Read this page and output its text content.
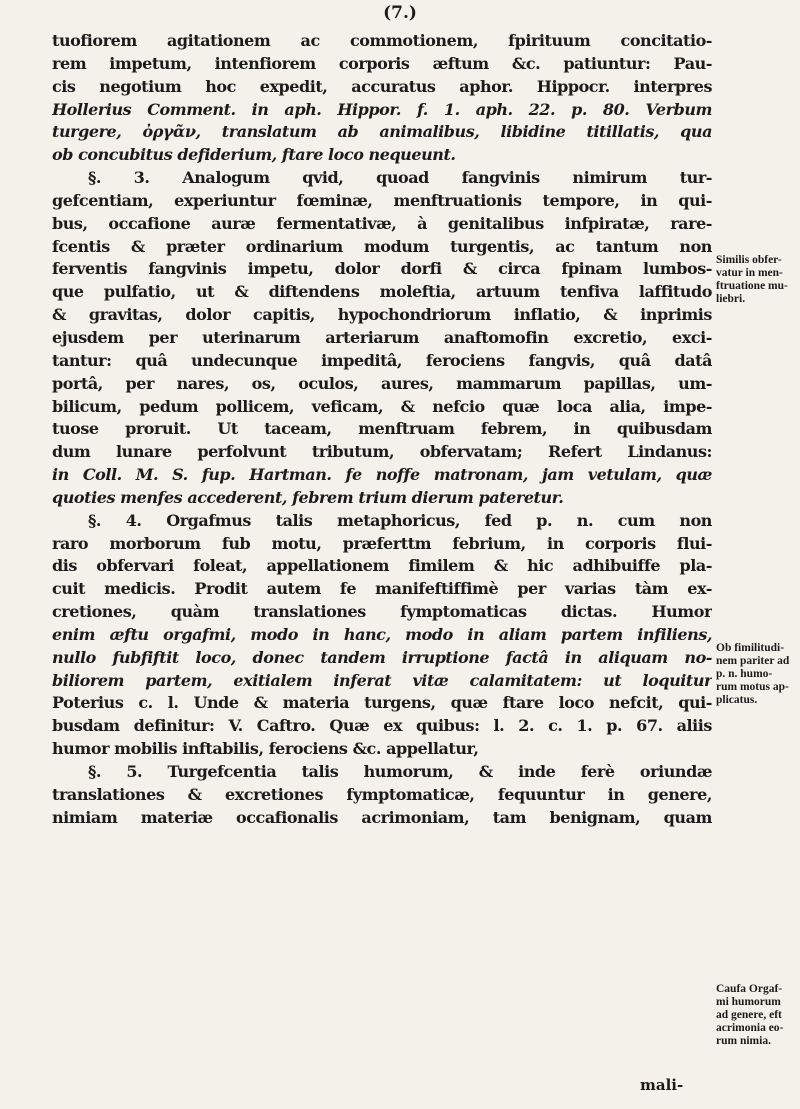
(7.)
tuofiorem agitationem ac commotionem, fpirituum concitatio-
rem impetum, intenfiorem corporis æftum &c. patiuntur: Pau-
cis negotium hoc expedit, accuratus aphor. Hippocr. interpres
Hollerius Comment. in aph. Hippor. f. 1. aph. 22. p. 80. Verbum
turgere, ὀργᾶν, translatum ab animalibus, libidine titillatis, qua
ob concubitus defiderium, ftare loco nequeunt.
§. 3. Analogum qvid, quoad fangvinis nimirum tur-
gefcentiam, experiuntur fœminæ, menftruationis tempore, in qui-
bus, occafione auræ fermentativæ, à genitalibus infpiratæ, rare-
fcentis & præter ordinarium modum turgentis, ac tantum non
ferventis fangvinis impetu, dolor dorfi & circa fpinam lumbos-
que pulfatio, ut & diftendens moleftia, artuum tenfiva laffitudo
& gravitas, dolor capitis, hypochondriorum inflatio, & inprimis
ejusdem per uterinarum arteriarum anaftomofin excretio, exci-
tantur: quâ undecunque impeditâ, ferociens fangvis, quâ datâ
portâ, per nares, os, oculos, aures, mammarum papillas, um-
bilicum, pedum pollicem, veficam, & nefcio quæ loca alia, impe-
tuose proruit. Ut taceam, menftruam febrem, in quibusdam
dum lunare perfolvunt tributum, obfervatam; Refert Lindanus:
in Coll. M. S. fup. Hartman. fe noffe matronam, jam vetulam, quæ
quoties menfes accederent, febrem trium dierum pateretur.
§. 4. Orgafmus talis metaphoricus, fed p. n. cum non
raro morborum fub motu, præferttm febrium, in corporis flui-
dis obfervari foleat, appellationem fimilem & hic adhibuiffe pla-
cuit medicis. Prodit autem fe manifeftiffimè per varias tàm ex-
cretiones, quàm translationes fymptomaticas dictas. Humor
enim æftu orgafmi, modo in hanc, modo in aliam partem infiliens,
nullo fubfiftit loco, donec tandem irruptione factâ in aliquam no-
biliorem partem, exitialem inferat vitæ calamitatem: ut loquitur
Poterius c. l. Unde & materia turgens, quæ ftare loco nefcit, qui-
busdam definitur: V. Caftro. Quæ ex quibus: l. 2. c. 1. p. 67. aliis
humor mobilis inftabilis, ferociens &c. appellatur,
§. 5. Turgefcentia talis humorum, & inde ferè oriundæ
translationes & excretiones fymptomaticæ, fequuntur in genere,
nimiam materiæ occafionalis acrimoniam, tam benignam, quam
Similis obfer-
vatur in men-
ftruatione mu-
liebri.
Ob fimilitudi-
nem pariter ad
p. n. humo-
rum motus ap-
plicatus.
Caufa Orgaf-
mi humorum
ad genere, eft
acrimonia eo-
rum nimia.
mali-
